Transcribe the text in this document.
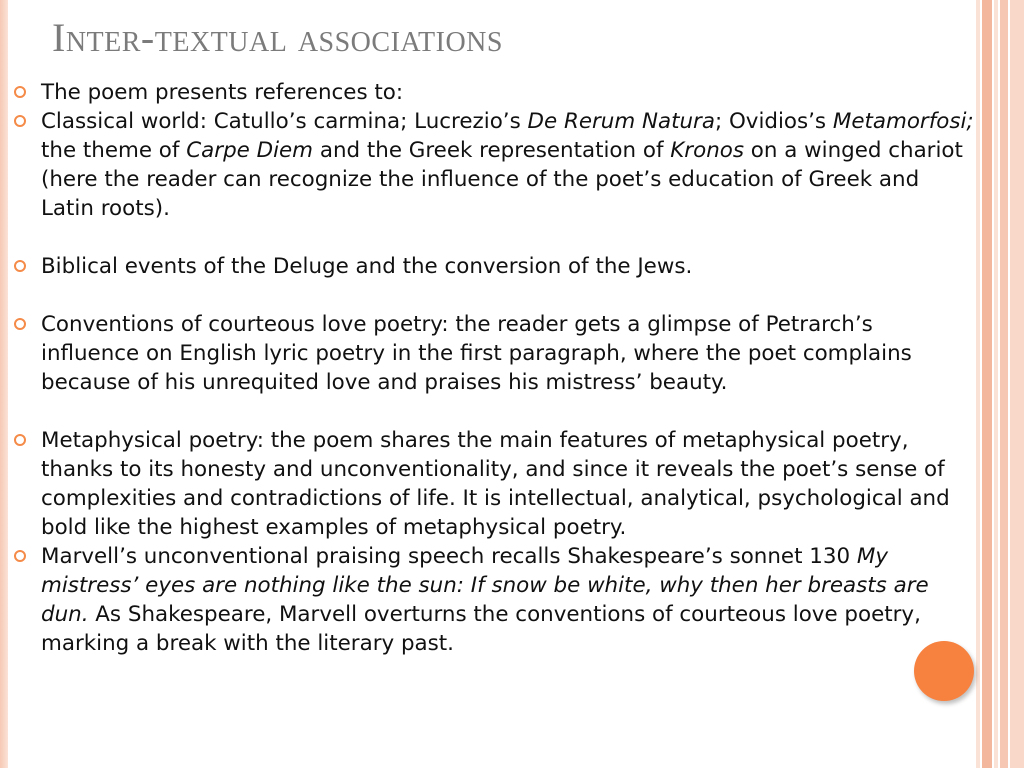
Inter-textual associations
The poem presents references to:
Classical world: Catullo’s carmina; Lucrezio’s De Rerum Natura; Ovidios’s Metamorfosi; the theme of Carpe Diem and the Greek representation of Kronos on a winged chariot (here the reader can recognize the influence of the poet’s education of Greek and Latin roots).
Biblical events of the Deluge and the conversion of the Jews.
Conventions of courteous love poetry: the reader gets a glimpse of Petrarch’s influence on English lyric poetry in the first paragraph, where the poet complains because of his unrequited love and praises his mistress’ beauty.
Metaphysical poetry: the poem shares the main features of metaphysical poetry, thanks to its honesty and unconventionality, and since it reveals the poet’s sense of complexities and contradictions of life. It is intellectual, analytical, psychological and bold like the highest examples of metaphysical poetry.
Marvell’s unconventional praising speech recalls Shakespeare’s sonnet 130 My mistress’ eyes are nothing like the sun: If snow be white, why then her breasts are dun. As Shakespeare, Marvell overturns the conventions of courteous love poetry, marking a break with the literary past.
